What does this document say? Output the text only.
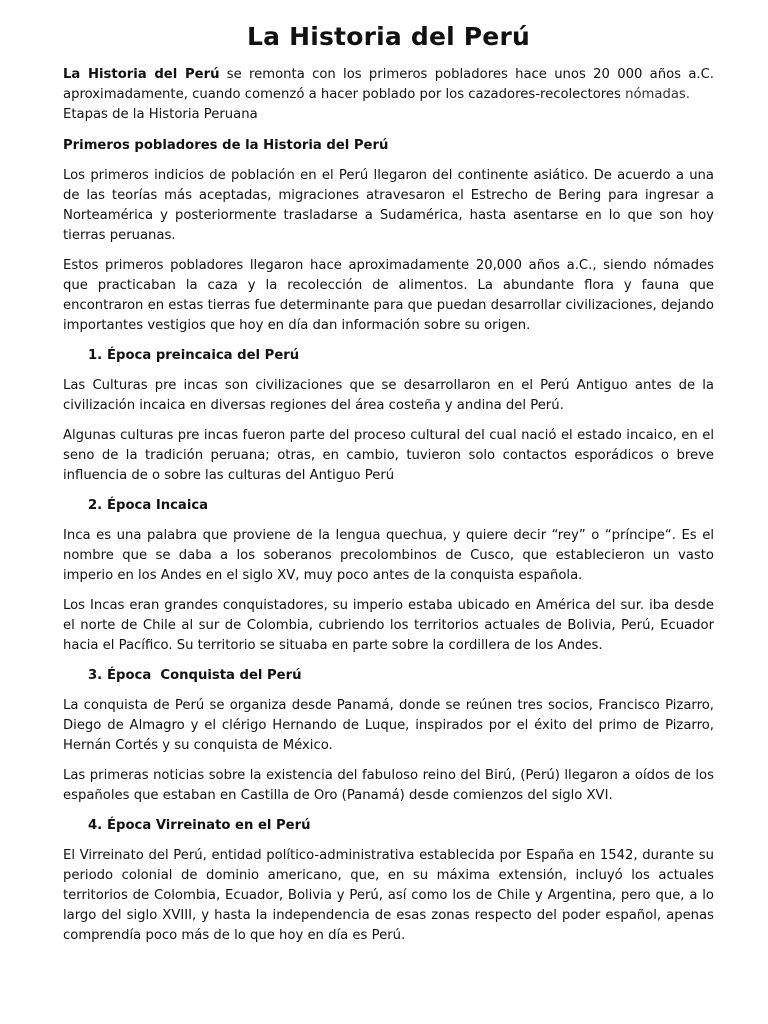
La Historia del Perú

La Historia del Perú se remonta con los primeros pobladores hace unos 20 000 años a.C. aproximadamente, cuando comenzó a hacer poblado por los cazadores-recolectores nómadas.

Etapas de la Historia Peruana

Primeros pobladores de la Historia del Perú

Los primeros indicios de población en el Perú llegaron del continente asiático. De acuerdo a una de las teorías más aceptadas, migraciones atravesaron el Estrecho de Bering para ingresar a Norteamérica y posteriormente trasladarse a Sudamérica, hasta asentarse en lo que son hoy tierras peruanas.

Estos primeros pobladores llegaron hace aproximadamente 20,000 años a.C., siendo nómades que practicaban la caza y la recolección de alimentos. La abundante flora y fauna que encontraron en estas tierras fue determinante para que puedan desarrollar civilizaciones, dejando importantes vestigios que hoy en día dan información sobre su origen.

1. Época preincaica del Perú

Las Culturas pre incas son civilizaciones que se desarrollaron en el Perú Antiguo antes de la civilización incaica en diversas regiones del área costeña y andina del Perú.

Algunas culturas pre incas fueron parte del proceso cultural del cual nació el estado incaico, en el seno de la tradición peruana; otras, en cambio, tuvieron solo contactos esporádicos o breve influencia de o sobre las culturas del Antiguo Perú

2. Época Incaica

Inca es una palabra que proviene de la lengua quechua, y quiere decir “rey” o “príncipe“. Es el nombre que se daba a los soberanos precolombinos de Cusco, que establecieron un vasto imperio en los Andes en el siglo XV, muy poco antes de la conquista española.

Los Incas eran grandes conquistadores, su imperio estaba ubicado en América del sur. iba desde el norte de Chile al sur de Colombia, cubriendo los territorios actuales de Bolivia, Perú, Ecuador hacia el Pacífico. Su territorio se situaba en parte sobre la cordillera de los Andes.

3. Época  Conquista del Perú

La conquista de Perú se organiza desde Panamá, donde se reúnen tres socios, Francisco Pizarro, Diego de Almagro y el clérigo Hernando de Luque, inspirados por el éxito del primo de Pizarro, Hernán Cortés y su conquista de México.

Las primeras noticias sobre la existencia del fabuloso reino del Birú, (Perú) llegaron a oídos de los españoles que estaban en Castilla de Oro (Panamá) desde comienzos del siglo XVI.

4. Época Virreinato en el Perú

El Virreinato del Perú, entidad político-administrativa establecida por España en 1542, durante su periodo colonial de dominio americano, que, en su máxima extensión, incluyó los actuales territorios de Colombia, Ecuador, Bolivia y Perú, así como los de Chile y Argentina, pero que, a lo largo del siglo XVIII, y hasta la independencia de esas zonas respecto del poder español, apenas comprendía poco más de lo que hoy en día es Perú.
